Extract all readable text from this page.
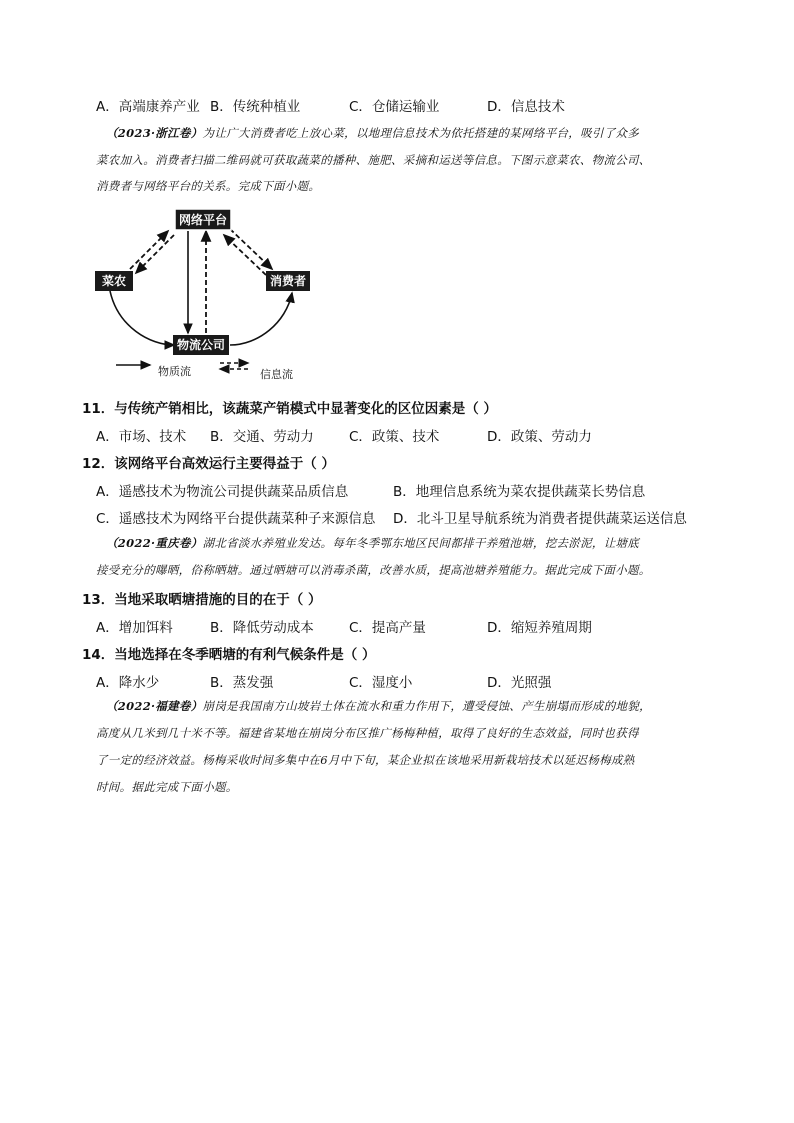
A．高端康养产业 B．传统种植业	C．仓储运输业	D．信息技术
（2023·浙江卷）为让广大消费者吃上放心菜，以地理信息技术为依托搭建的某网络平台，吸引了众多
菜农加入。消费者扫描二维码就可获取蔬菜的播种、施肥、采摘和运送等信息。下图示意菜农、物流公司、
消费者与网络平台的关系。完成下面小题。
网络平台
菜农	消费者
物流公司
物质流	信息流
11．与传统产销相比，该蔬菜产销模式中显著变化的区位因素是（ ）
A．市场、技术 B．交通、劳动力	C．政策、技术	D．政策、劳动力
12．该网络平台高效运行主要得益于（ ）
A．遥感技术为物流公司提供蔬菜品质信息	B．地理信息系统为菜农提供蔬菜长势信息
C．遥感技术为网络平台提供蔬菜种子来源信息 D．北斗卫星导航系统为消费者提供蔬菜运送信息
（2022·重庆卷）湖北省淡水养殖业发达。每年冬季鄂东地区民间都排干养殖池塘，挖去淤泥，让塘底
接受充分的曝晒，俗称晒塘。通过晒塘可以消毒杀菌，改善水质，提高池塘养殖能力。据此完成下面小题。
13．当地采取晒塘措施的目的在于（ ）
A．增加饵料	B．降低劳动成本	C．提高产量	D．缩短养殖周期
14．当地选择在冬季晒塘的有利气候条件是（ ）
A．降水少	B．蒸发强	C．湿度小	D．光照强
（2022·福建卷）崩岗是我国南方山坡岩土体在流水和重力作用下，遭受侵蚀、产生崩塌而形成的地貌，
高度从几米到几十米不等。福建省某地在崩岗分布区推广杨梅种植，取得了良好的生态效益，同时也获得
了一定的经济效益。杨梅采收时间多集中在6月中下旬，某企业拟在该地采用新栽培技术以延迟杨梅成熟
时间。据此完成下面小题。
